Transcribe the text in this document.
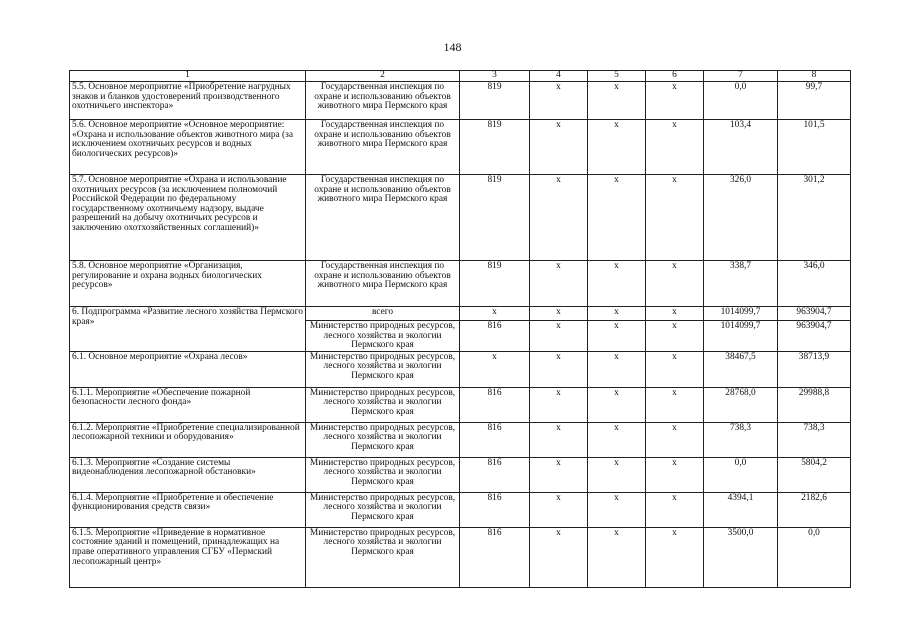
148
1	2	3	4	5	6	7	8
5.5. Основное мероприятие «Приобретение нагрудных знаков и бланков удостоверений производственного охотничьего инспектора»	Государственная инспекция по охране и использованию объектов животного мира Пермского края	819	х	х	х	0,0	99,7
5.6. Основное мероприятие «Основное мероприятие: «Охрана и использование объектов животного мира (за исключением охотничьих ресурсов и водных биологических ресурсов)»	Государственная инспекция по охране и использованию объектов животного мира Пермского края	819	х	х	х	103,4	101,5
5.7. Основное мероприятие «Охрана и использование охотничьих ресурсов (за исключением полномочий Российской Федерации по федеральному государственному охотничьему надзору, выдаче разрешений на добычу охотничьих ресурсов и заключению охотхозяйственных соглашений)»	Государственная инспекция по охране и использованию объектов животного мира Пермского края	819	х	х	х	326,0	301,2
5.8. Основное мероприятие «Организация, регулирование и охрана водных биологических ресурсов»	Государственная инспекция по охране и использованию объектов животного мира Пермского края	819	х	х	х	338,7	346,0
6. Подпрограмма «Развитие лесного хозяйства Пермского края»	всего	х	х	х	х	1014099,7	963904,7
	Министерство природных ресурсов, лесного хозяйства и экологии Пермского края	816	х	х	х	1014099,7	963904,7
6.1. Основное мероприятие «Охрана лесов»	Министерство природных ресурсов, лесного хозяйства и экологии Пермского края	х	х	х	х	38467,5	38713,9
6.1.1. Мероприятие «Обеспечение пожарной безопасности лесного фонда»	Министерство природных ресурсов, лесного хозяйства и экологии Пермского края	816	х	х	х	28768,0	29988,8
6.1.2. Мероприятие «Приобретение специализированной лесопожарной техники и оборудования»	Министерство природных ресурсов, лесного хозяйства и экологии Пермского края	816	х	х	х	738,3	738,3
6.1.3. Мероприятие «Создание системы видеонаблюдения лесопожарной обстановки»	Министерство природных ресурсов, лесного хозяйства и экологии Пермского края	816	х	х	х	0,0	5804,2
6.1.4. Мероприятие «Приобретение и обеспечение функционирования средств связи»	Министерство природных ресурсов, лесного хозяйства и экологии Пермского края	816	х	х	х	4394,1	2182,6
6.1.5. Мероприятие «Приведение в нормативное состояние зданий и помещений, принадлежащих на праве оперативного управления СГБУ «Пермский лесопожарный центр»	Министерство природных ресурсов, лесного хозяйства и экологии Пермского края	816	х	х	х	3500,0	0,0
